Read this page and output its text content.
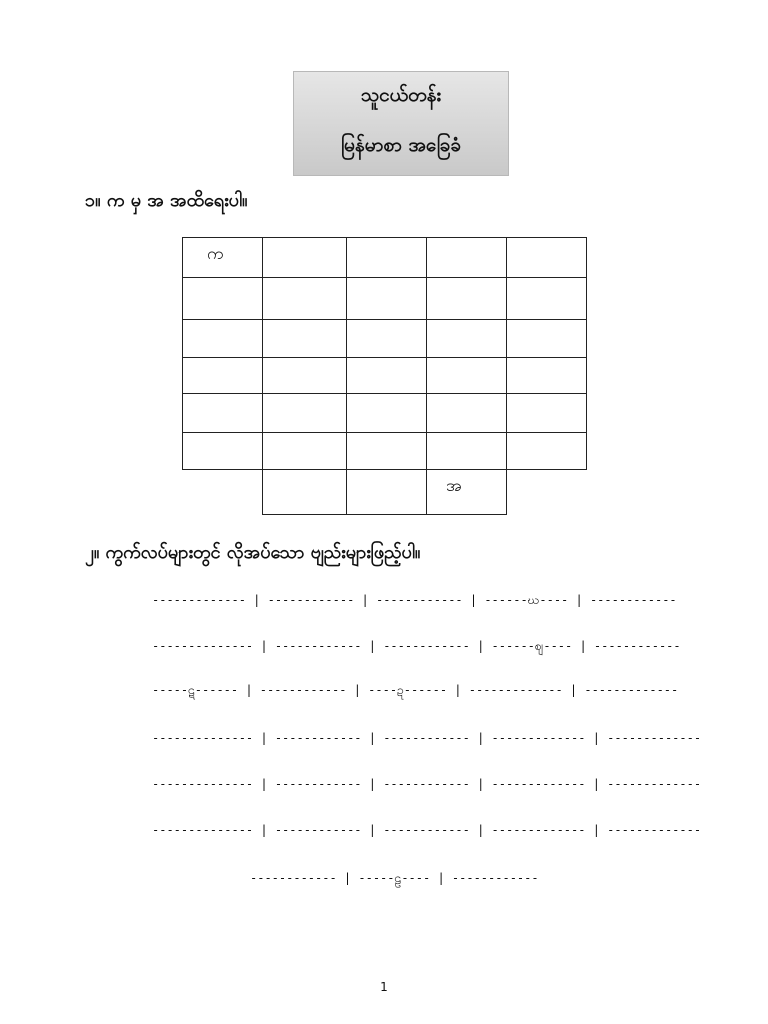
သူငယ်တန်း
မြန်မာစာ အခြေခံ
၁။ က မှ အ အထိရေးပါ။
က
အ
၂။ ကွက်လပ်များတွင် လိုအပ်သော ဗျည်းများဖြည့်ပါ။
------------- | ------------ | ------------ | ------ဃ---- | ------------
-------------- | ------------ | ------------ | ------ဈ---- | ------------
-----ဋ------ | ------------ | ----ဍ------ | ------------- | -------------
-------------- | ------------ | ------------ | ------------- | -------------
-------------- | ------------ | ------------ | ------------- | -------------
-------------- | ------------ | ------------ | ------------- | -------------
------------ | -----ဠ---- | ------------
1
